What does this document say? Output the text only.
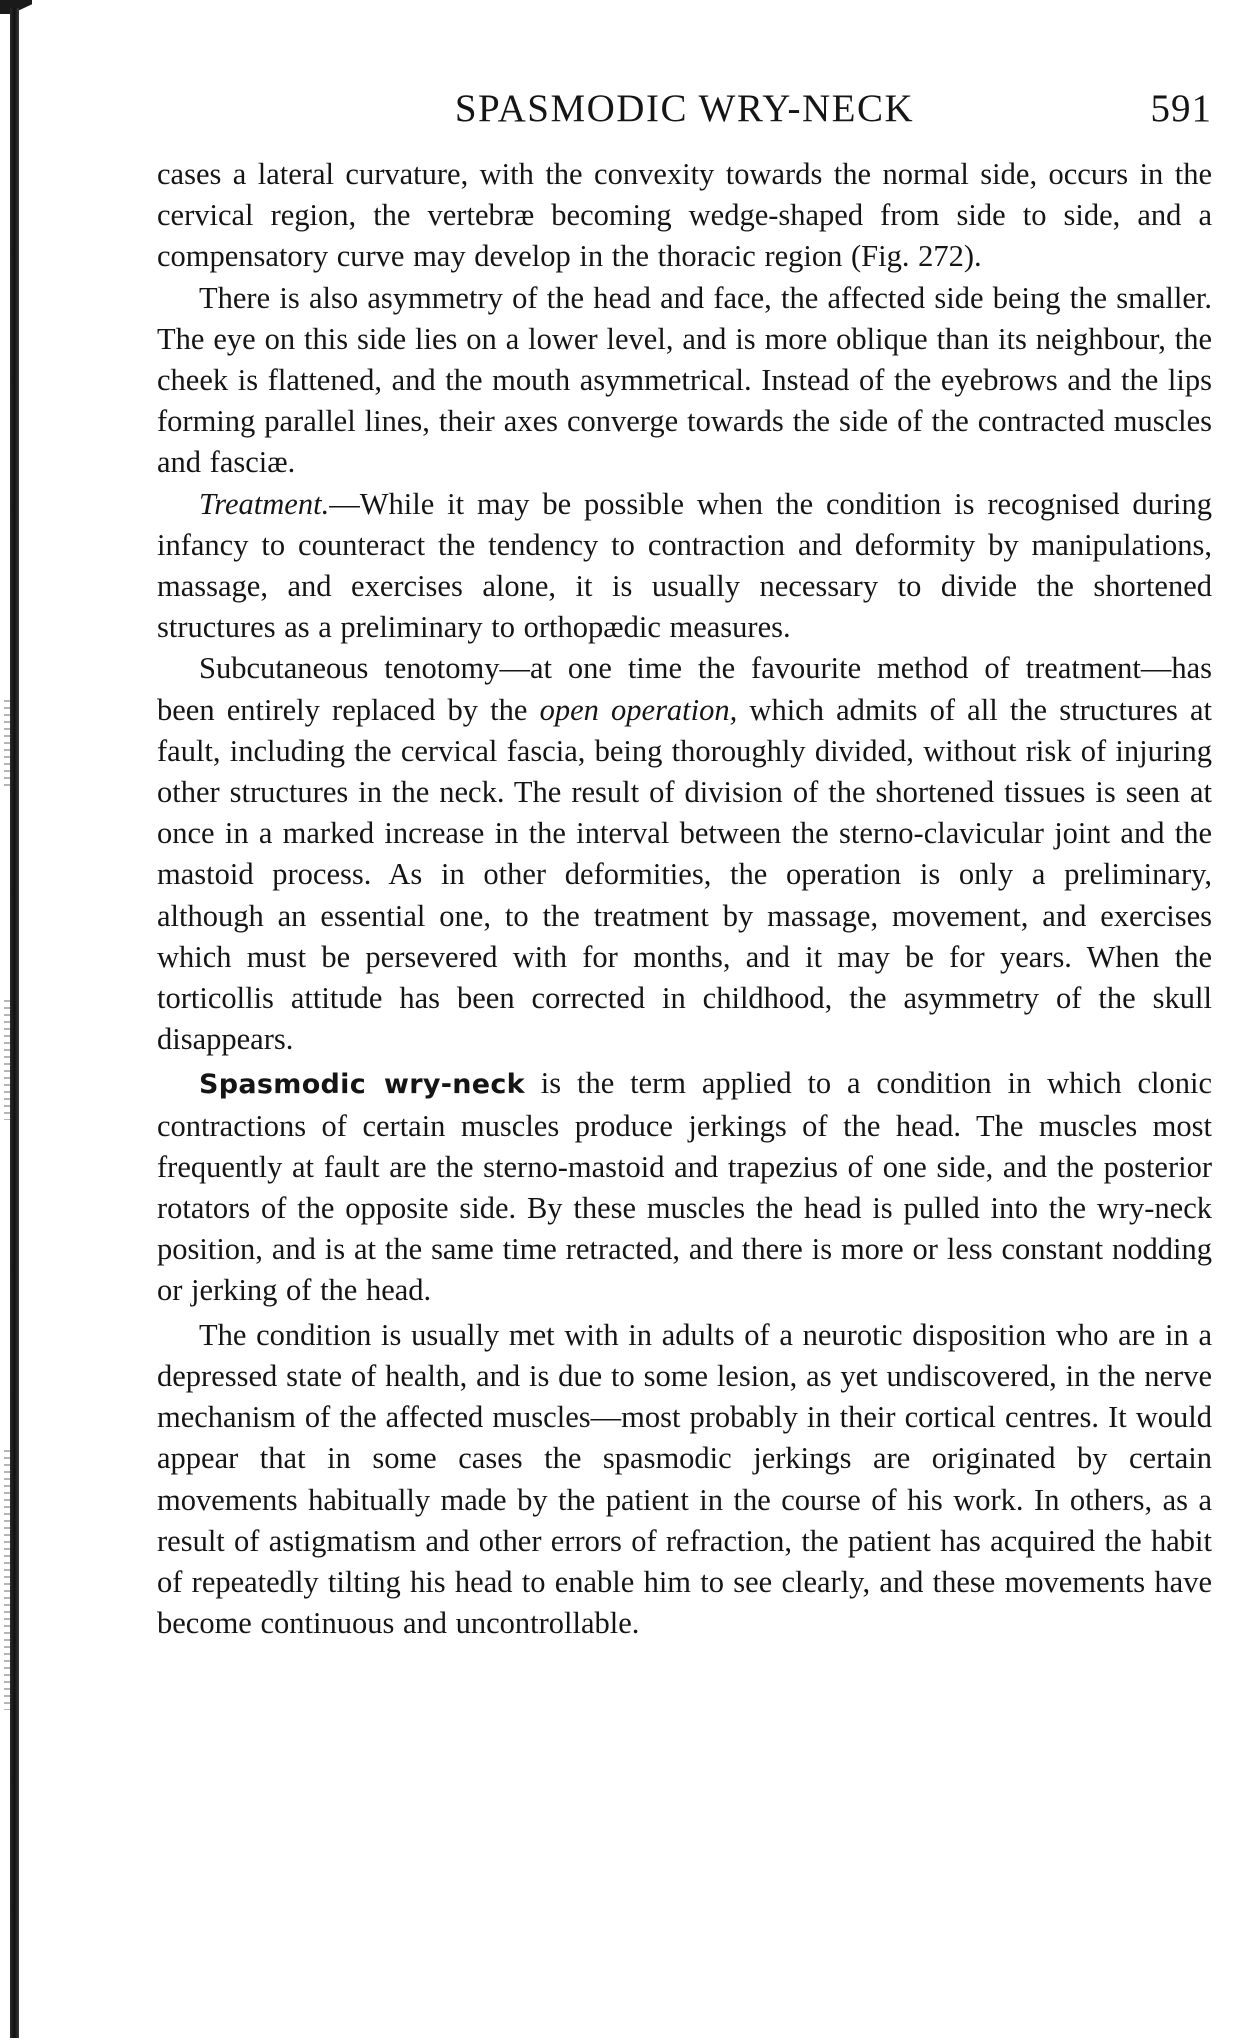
SPASMODIC WRY-NECK	591

cases a lateral curvature, with the convexity towards the normal side, occurs in the cervical region, the vertebræ becoming wedge-shaped from side to side, and a compensatory curve may develop in the thoracic region (Fig. 272).

There is also asymmetry of the head and face, the affected side being the smaller. The eye on this side lies on a lower level, and is more oblique than its neighbour, the cheek is flattened, and the mouth asymmetrical. Instead of the eyebrows and the lips forming parallel lines, their axes converge towards the side of the contracted muscles and fasciæ.

Treatment.—While it may be possible when the condition is recognised during infancy to counteract the tendency to contraction and deformity by manipulations, massage, and exercises alone, it is usually necessary to divide the shortened structures as a preliminary to orthopædic measures.

Subcutaneous tenotomy—at one time the favourite method of treatment—has been entirely replaced by the open operation, which admits of all the structures at fault, including the cervical fascia, being thoroughly divided, without risk of injuring other structures in the neck. The result of division of the shortened tissues is seen at once in a marked increase in the interval between the sterno-clavicular joint and the mastoid process. As in other deformities, the operation is only a preliminary, although an essential one, to the treatment by massage, movement, and exercises which must be persevered with for months, and it may be for years. When the torticollis attitude has been corrected in childhood, the asymmetry of the skull disappears.

Spasmodic wry-neck is the term applied to a condition in which clonic contractions of certain muscles produce jerkings of the head. The muscles most frequently at fault are the sterno-mastoid and trapezius of one side, and the posterior rotators of the opposite side. By these muscles the head is pulled into the wry-neck position, and is at the same time retracted, and there is more or less constant nodding or jerking of the head.

The condition is usually met with in adults of a neurotic disposition who are in a depressed state of health, and is due to some lesion, as yet undiscovered, in the nerve mechanism of the affected muscles—most probably in their cortical centres. It would appear that in some cases the spasmodic jerkings are originated by certain movements habitually made by the patient in the course of his work. In others, as a result of astigmatism and other errors of refraction, the patient has acquired the habit of repeatedly tilting his head to enable him to see clearly, and these movements have become continuous and uncontrollable.
